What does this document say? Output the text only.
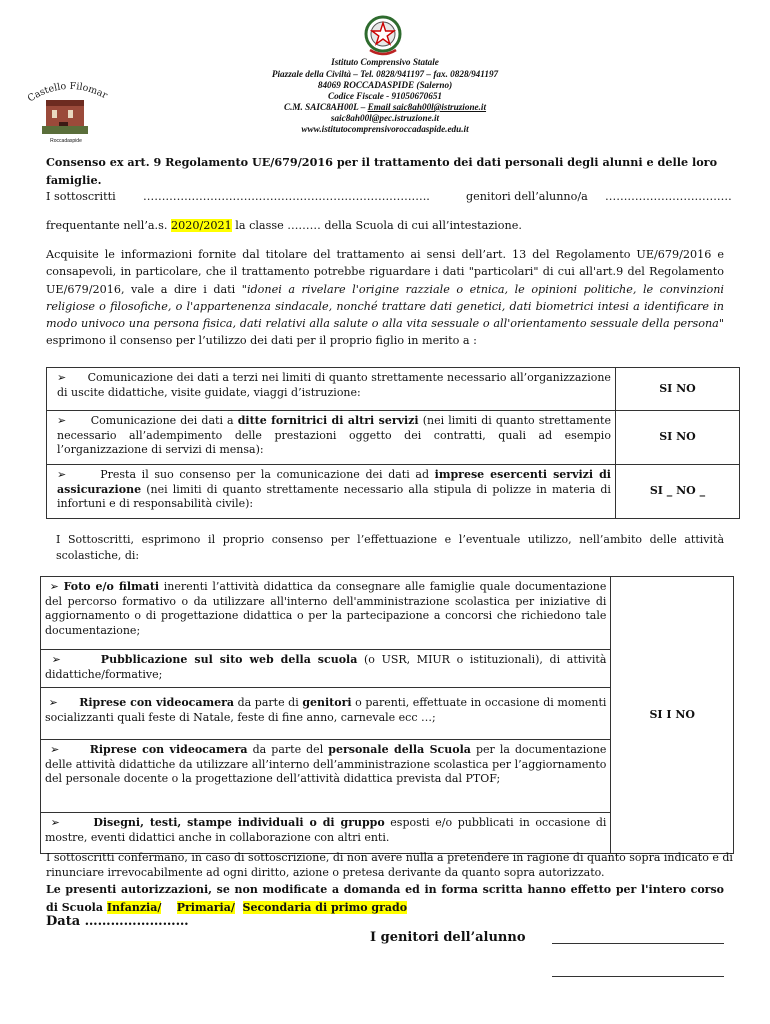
Castello Filoma
Roccadaspide
Istituto Comprensivo Statale
Piazzale della Civiltà – Tel. 0828/941197 – fax. 0828/941197
84069 ROCCADASPIDE (Salerno)
Codice Fiscale - 91050670651
C.M. SAIC8AH00L – Email saic8ah00l@istruzione.it
saic8ah00l@pec.istruzione.it
www.istitutocomprensivoroccadaspide.edu.it
Consenso ex art. 9 Regolamento UE/679/2016 per il trattamento dei dati personali degli alunni e delle loro famiglie.
I sottoscritti …………………………………………………………………..	genitori dell’alunno/a …………………………….
frequentante nell’a.s. 2020/2021 la classe ……… della Scuola di cui all’intestazione.
Acquisite le informazioni fornite dal titolare del trattamento ai sensi dell’art. 13 del Regolamento UE/679/2016 e consapevoli, in particolare, che il trattamento potrebbe riguardare i dati "particolari" di cui all'art.9 del Regolamento UE/679/2016, vale a dire i dati "idonei a rivelare l'origine razziale o etnica, le opinioni politiche, le convinzioni religiose o filosofiche, o l'appartenenza sindacale, nonché trattare dati genetici, dati biometrici intesi a identificare in modo univoco una persona fisica, dati relativi alla salute o alla vita sessuale o all'orientamento sessuale della persona" esprimono il consenso per l’utilizzo dei dati per il proprio figlio in merito a :
➢      Comunicazione dei dati a terzi nei limiti di quanto strettamente necessario all’organizzazione di uscite didattiche, visite guidate, viaggi d’istruzione:	SI NO
➢      Comunicazione dei dati a ditte fornitrici di altri servizi (nei limiti di quanto strettamente necessario all’adempimento delle prestazioni oggetto dei contratti, quali ad esempio l’organizzazione di servizi di mensa):	SI NO
➢      Presta il suo consenso per la comunicazione dei dati ad imprese esercenti servizi di assicurazione (nei limiti di quanto strettamente necessario alla stipula di polizze in materia di infortuni e di responsabilità civile):	SI _ NO _
I Sottoscritti, esprimono il proprio consenso per l’effettuazione e l’eventuale utilizzo, nell’ambito delle attività scolastiche, di:
➢ Foto e/o filmati inerenti l’attività didattica da consegnare alle famiglie quale documentazione del percorso formativo o da utilizzare all'interno dell'amministrazione scolastica per iniziative di aggiornamento o di progettazione didattica o per la partecipazione a concorsi che richiedono tale documentazione;	SI I NO
➢      Pubblicazione sul sito web della scuola (o USR, MIUR o istituzionali), di attività didattiche/formative;
➢      Riprese con videocamera da parte di genitori o parenti, effettuate in occasione di momenti socializzanti quali feste di Natale, feste di fine anno, carnevale ecc …;
➢      Riprese con videocamera da parte del personale della Scuola per la documentazione delle attività didattiche da utilizzare all’interno dell’amministrazione scolastica per l’aggiornamento del personale docente o la progettazione dell’attività didattica prevista dal PTOF;
➢      Disegni, testi, stampe individuali o di gruppo esposti e/o pubblicati in occasione di mostre, eventi didattici anche in collaborazione con altri enti.
I sottoscritti confermano, in caso di sottoscrizione, di non avere nulla a pretendere in ragione di quanto sopra indicato e di rinunciare irrevocabilmente ad ogni diritto, azione o pretesa derivante da quanto sopra autorizzato.
Le presenti autorizzazioni, se non modificate a domanda ed in forma scritta hanno effetto per l'intero corso di Scuola Infanzia/ Primaria/ Secondaria di primo grado
Data ……………………
I genitori dell’alunno
